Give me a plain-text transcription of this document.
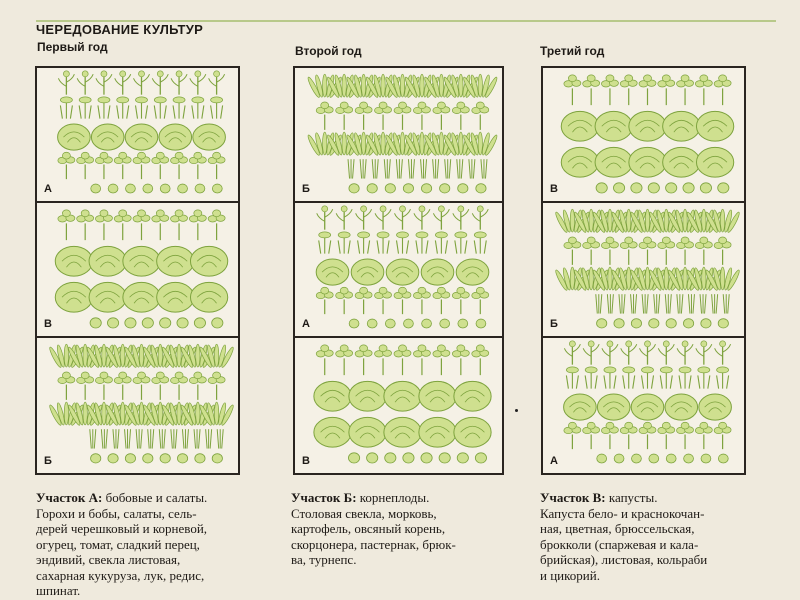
ЧЕРЕДОВАНИЕ КУЛЬТУР
Первый год	Второй год	Третий год
А
В
Б
Б
А
В
В
Б
А
Участок А: бобовые и салаты.
Горохи и бобы, салаты, сель-
дерей черешковый и корневой,
огурец, томат, сладкий перец,
эндивий, свекла листовая,
сахарная кукуруза, лук, редис,
шпинат.
Участок Б: корнеплоды.
Столовая свекла, морковь,
картофель, овсяный корень,
скорцонера, пастернак, брюк-
ва, турнепс.
Участок В: капусты.
Капуста бело- и краснокочан-
ная, цветная, брюссельская,
брокколи (спаржевая и кала-
брийская), листовая, кольраби
и цикорий.
